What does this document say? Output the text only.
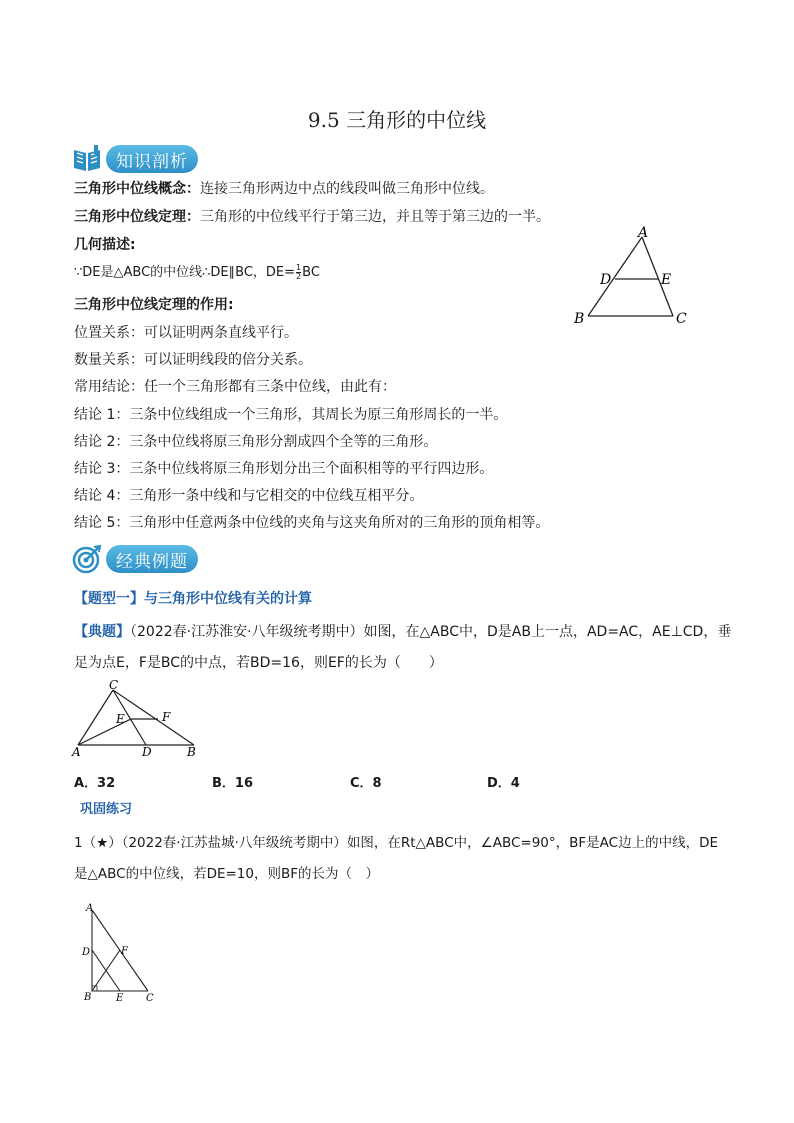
9.5 三角形的中位线
知识剖析
三角形中位线概念：连接三角形两边中点的线段叫做三角形中位线。
三角形中位线定理：三角形的中位线平行于第三边，并且等于第三边的一半。
几何描述:
∵DE是△ABC的中位线∴DE∥BC，$DE= \frac{1}{2}$ BC
三角形中位线定理的作用:
位置关系：可以证明两条直线平行。
数量关系：可以证明线段的倍分关系。
常用结论：任一个三角形都有三条中位线，由此有：
结论 1：三条中位线组成一个三角形，其周长为原三角形周长的一半。
结论 2：三条中位线将原三角形分割成四个全等的三角形。
结论 3：三条中位线将原三角形划分出三个面积相等的平行四边形。
结论 4：三角形一条中线和与它相交的中位线互相平分。
结论 5：三角形中任意两条中位线的夹角与这夹角所对的三角形的顶角相等。
A
B	C
D	E
经典例题
【题型一】与三角形中位线有关的计算
【典题】（2022春·江苏淮安·八年级统考期中）如图，在△ABC中，D是AB上一点，AD=AC，AE⊥CD，垂
足为点E，F是BC的中点，若BD=16，则EF的长为（　　）
C
A	B
D
E	F
A．32	B．16	C．8	D．4
巩固练习
1（★）（2022春·江苏盐城·八年级统考期中）如图，在Rt△ABC中，∠ABC=90°，BF是AC边上的中线，DE
是△ABC的中位线，若DE=10，则BF的长为（　）
A
D	F
B E C
